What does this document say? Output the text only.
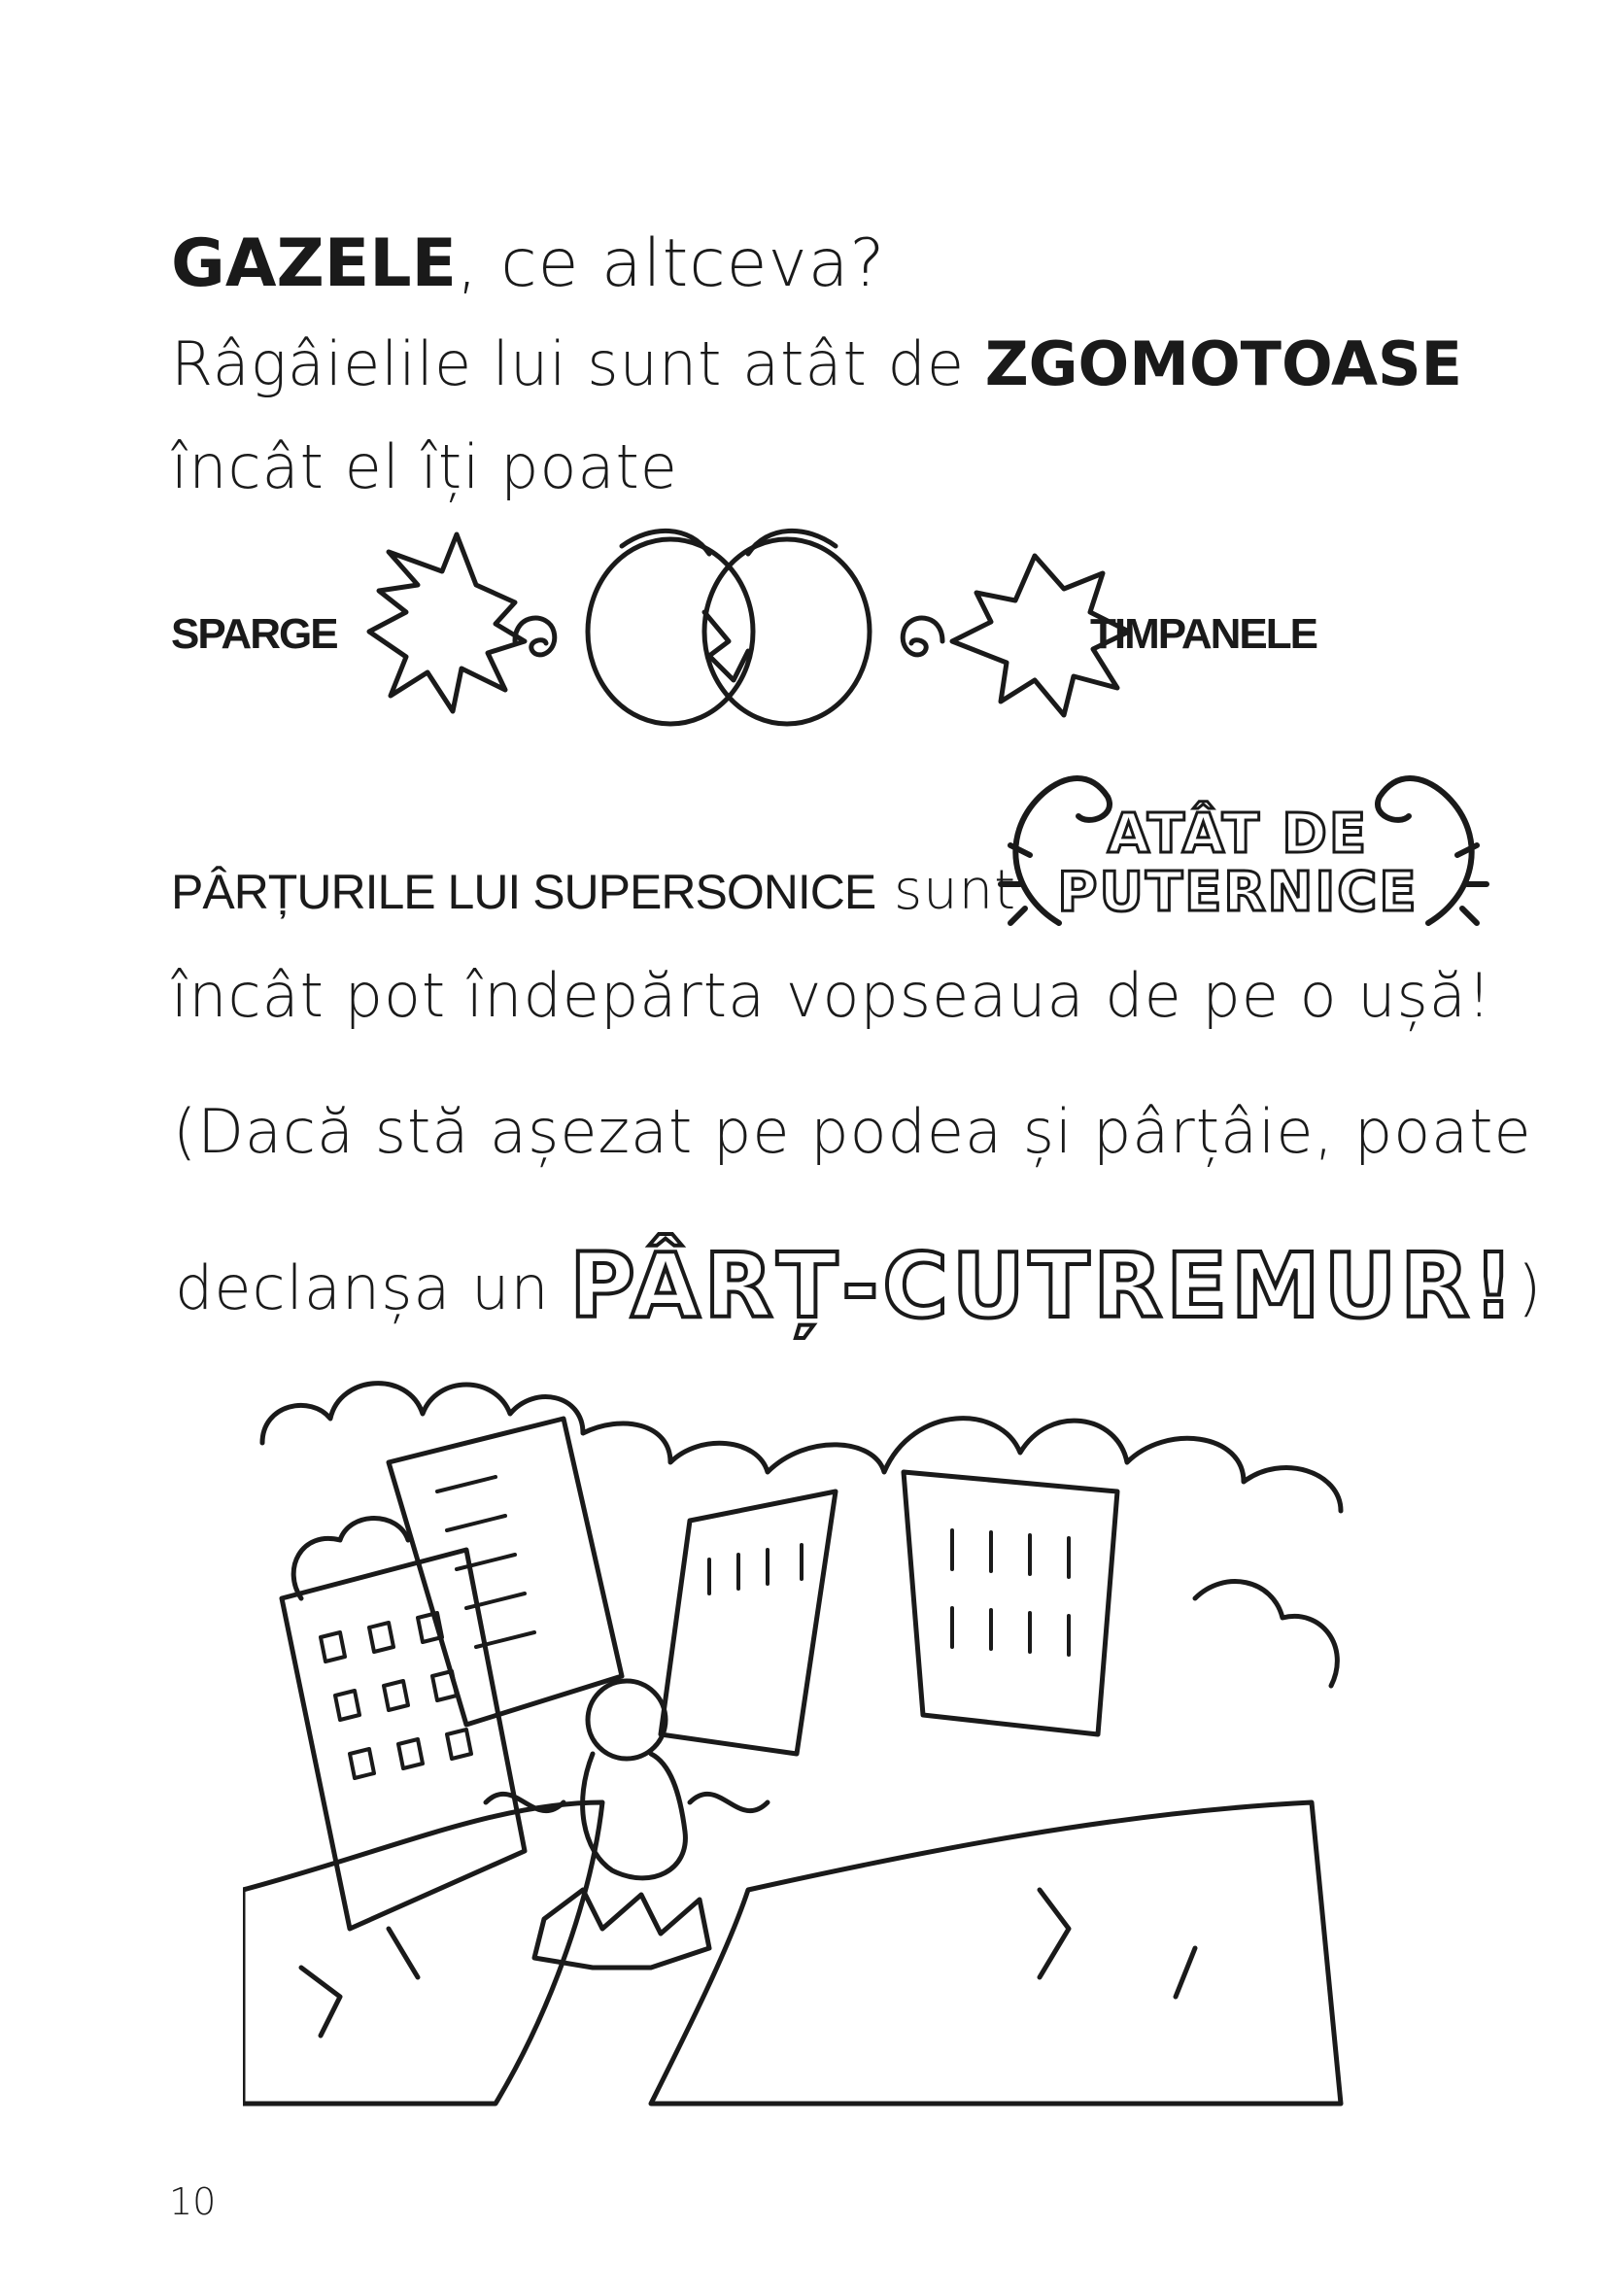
GAZELE, ce altceva?
Râgâielile lui sunt atât de ZGOMOTOASE
încât el îți poate
SPARGE	TIMPANELE
PÂRȚURILE LUI SUPERSONICE sunt
ATÂT DE
PUTERNICE
încât pot îndepărta vopseaua de pe o ușă!
(Dacă stă așezat pe podea și pârțâie, poate
declanșa un PÂRȚ-CUTREMUR!)
10
